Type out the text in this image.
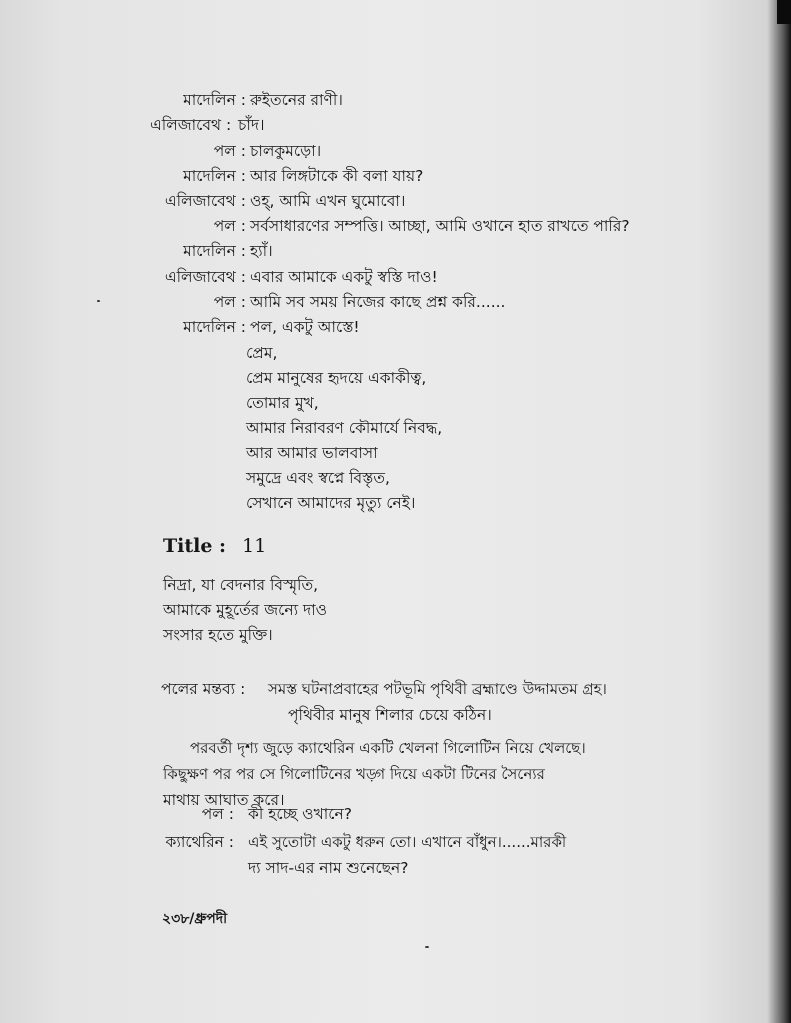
মাদেলিন : রুইতনের রাণী।
এলিজাবেথ : চাঁদ।
পল : চালকুমড়ো।
মাদেলিন : আর লিঙ্গটাকে কী বলা যায়?
এলিজাবেথ : ওহ্, আমি এখন ঘুমোবো।
পল : সর্বসাধারণের সম্পত্তি। আচ্ছা, আমি ওখানে হাত রাখতে পারি?
মাদেলিন : হ্যাঁ।
এলিজাবেথ : এবার আমাকে একটু স্বস্তি দাও!
পল : আমি সব সময় নিজের কাছে প্রশ্ন করি......
মাদেলিন : পল, একটু আস্তে!
প্রেম,
প্রেম মানুষের হৃদয়ে একাকীত্ব,
তোমার মুখ,
আমার নিরাবরণ কৌমার্যে নিবদ্ধ,
আর আমার ভালবাসা
সমুদ্রে এবং স্বপ্নে বিস্তৃত,
সেখানে আমাদের মৃত্যু নেই।
Title : 11
নিদ্রা, যা বেদনার বিস্মৃতি,
আমাকে মুহূর্তের জন্যে দাও
সংসার হতে মুক্তি।
পলের মন্তব্য : সমস্ত ঘটনাপ্রবাহের পটভূমি পৃথিবী ব্রহ্মাণ্ডে উদ্দামতম গ্রহ।
পৃথিবীর মানুষ শিলার চেয়ে কঠিন।
পরবর্তী দৃশ্য জুড়ে ক্যাথেরিন একটি খেলনা গিলোটিন নিয়ে খেলছে।
কিছুক্ষণ পর পর সে গিলোটিনের খড়্গ দিয়ে একটা টিনের সৈন্যের
মাথায় আঘাত করে।
পল : কী হচ্ছে ওখানে?
ক্যাথেরিন : এই সুতোটা একটু ধরুন তো। এখানে বাঁধুন।......মারকী
দ্য সাদ-এর নাম শুনেছেন?
২৩৮/ধ্রুপদী
